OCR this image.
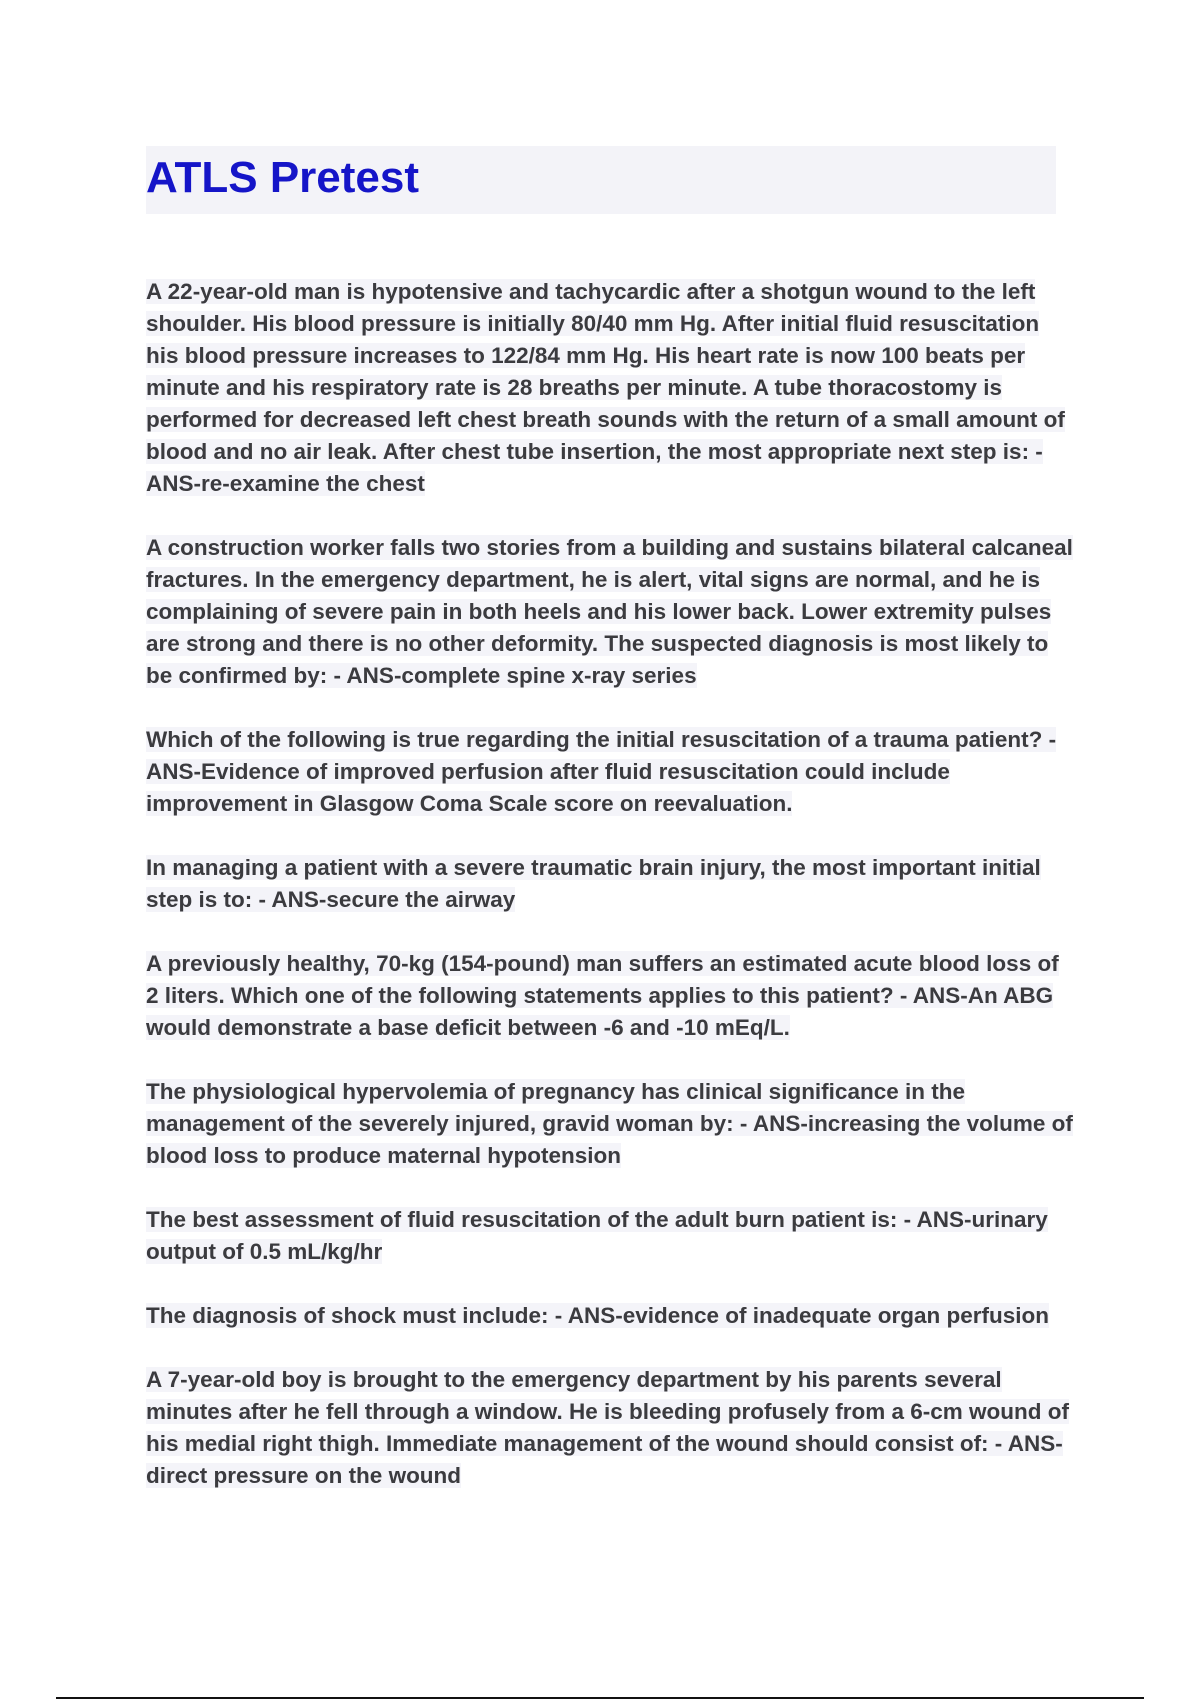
ATLS Pretest

A 22-year-old man is hypotensive and tachycardic after a shotgun wound to the left shoulder. His blood pressure is initially 80/40 mm Hg. After initial fluid resuscitation his blood pressure increases to 122/84 mm Hg. His heart rate is now 100 beats per minute and his respiratory rate is 28 breaths per minute. A tube thoracostomy is performed for decreased left chest breath sounds with the return of a small amount of blood and no air leak. After chest tube insertion, the most appropriate next step is: - ANS-re-examine the chest

A construction worker falls two stories from a building and sustains bilateral calcaneal fractures. In the emergency department, he is alert, vital signs are normal, and he is complaining of severe pain in both heels and his lower back. Lower extremity pulses are strong and there is no other deformity. The suspected diagnosis is most likely to be confirmed by: - ANS-complete spine x-ray series

Which of the following is true regarding the initial resuscitation of a trauma patient? - ANS-Evidence of improved perfusion after fluid resuscitation could include improvement in Glasgow Coma Scale score on reevaluation.

In managing a patient with a severe traumatic brain injury, the most important initial step is to: - ANS-secure the airway

A previously healthy, 70-kg (154-pound) man suffers an estimated acute blood loss of 2 liters. Which one of the following statements applies to this patient? - ANS-An ABG would demonstrate a base deficit between -6 and -10 mEq/L.

The physiological hypervolemia of pregnancy has clinical significance in the management of the severely injured, gravid woman by: - ANS-increasing the volume of blood loss to produce maternal hypotension

The best assessment of fluid resuscitation of the adult burn patient is: - ANS-urinary output of 0.5 mL/kg/hr

The diagnosis of shock must include: - ANS-evidence of inadequate organ perfusion

A 7-year-old boy is brought to the emergency department by his parents several minutes after he fell through a window. He is bleeding profusely from a 6-cm wound of his medial right thigh. Immediate management of the wound should consist of: - ANS-direct pressure on the wound
